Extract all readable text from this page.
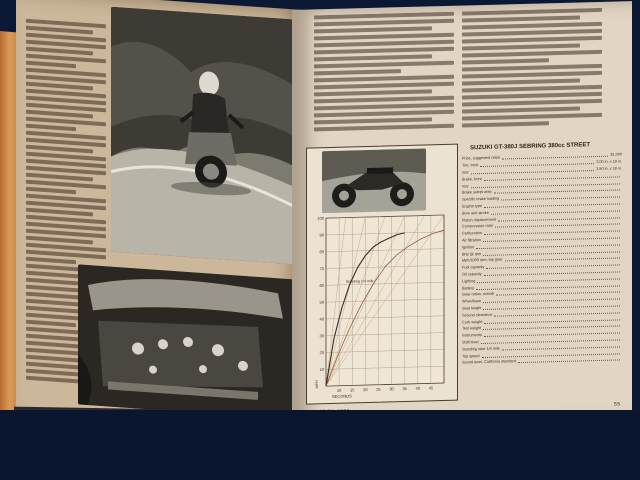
10
20
30
40
50
60
70
80
90
100
10 15 20 25 30 35 40 45
SECONDS
MPH
Standing 1/4 mile
SUZUKI GT-380J SEBRING 380cc STREET
Price, suggested retail
$1,000
Tire, front
3.00 in. x 19 in.
rear
3.50 in. x 18 in.
Brake, front
rear
Brake swept area
Specific brake loading
Engine type
Bore and stroke
Piston displacement
Compression ratio
Carburetion
Air filtration
Ignition
Bhp @ rpm
Mph/1000 rpm, top gear
Fuel capacity
Oil capacity
Lighting
Battery
Gear ratios, overall
Wheelbase
Seat height
Ground clearance
Curb weight
Test weight
Instruments
Shift lever
Standing start 1/4 mile
Top speed
Sound level, California standard
55
